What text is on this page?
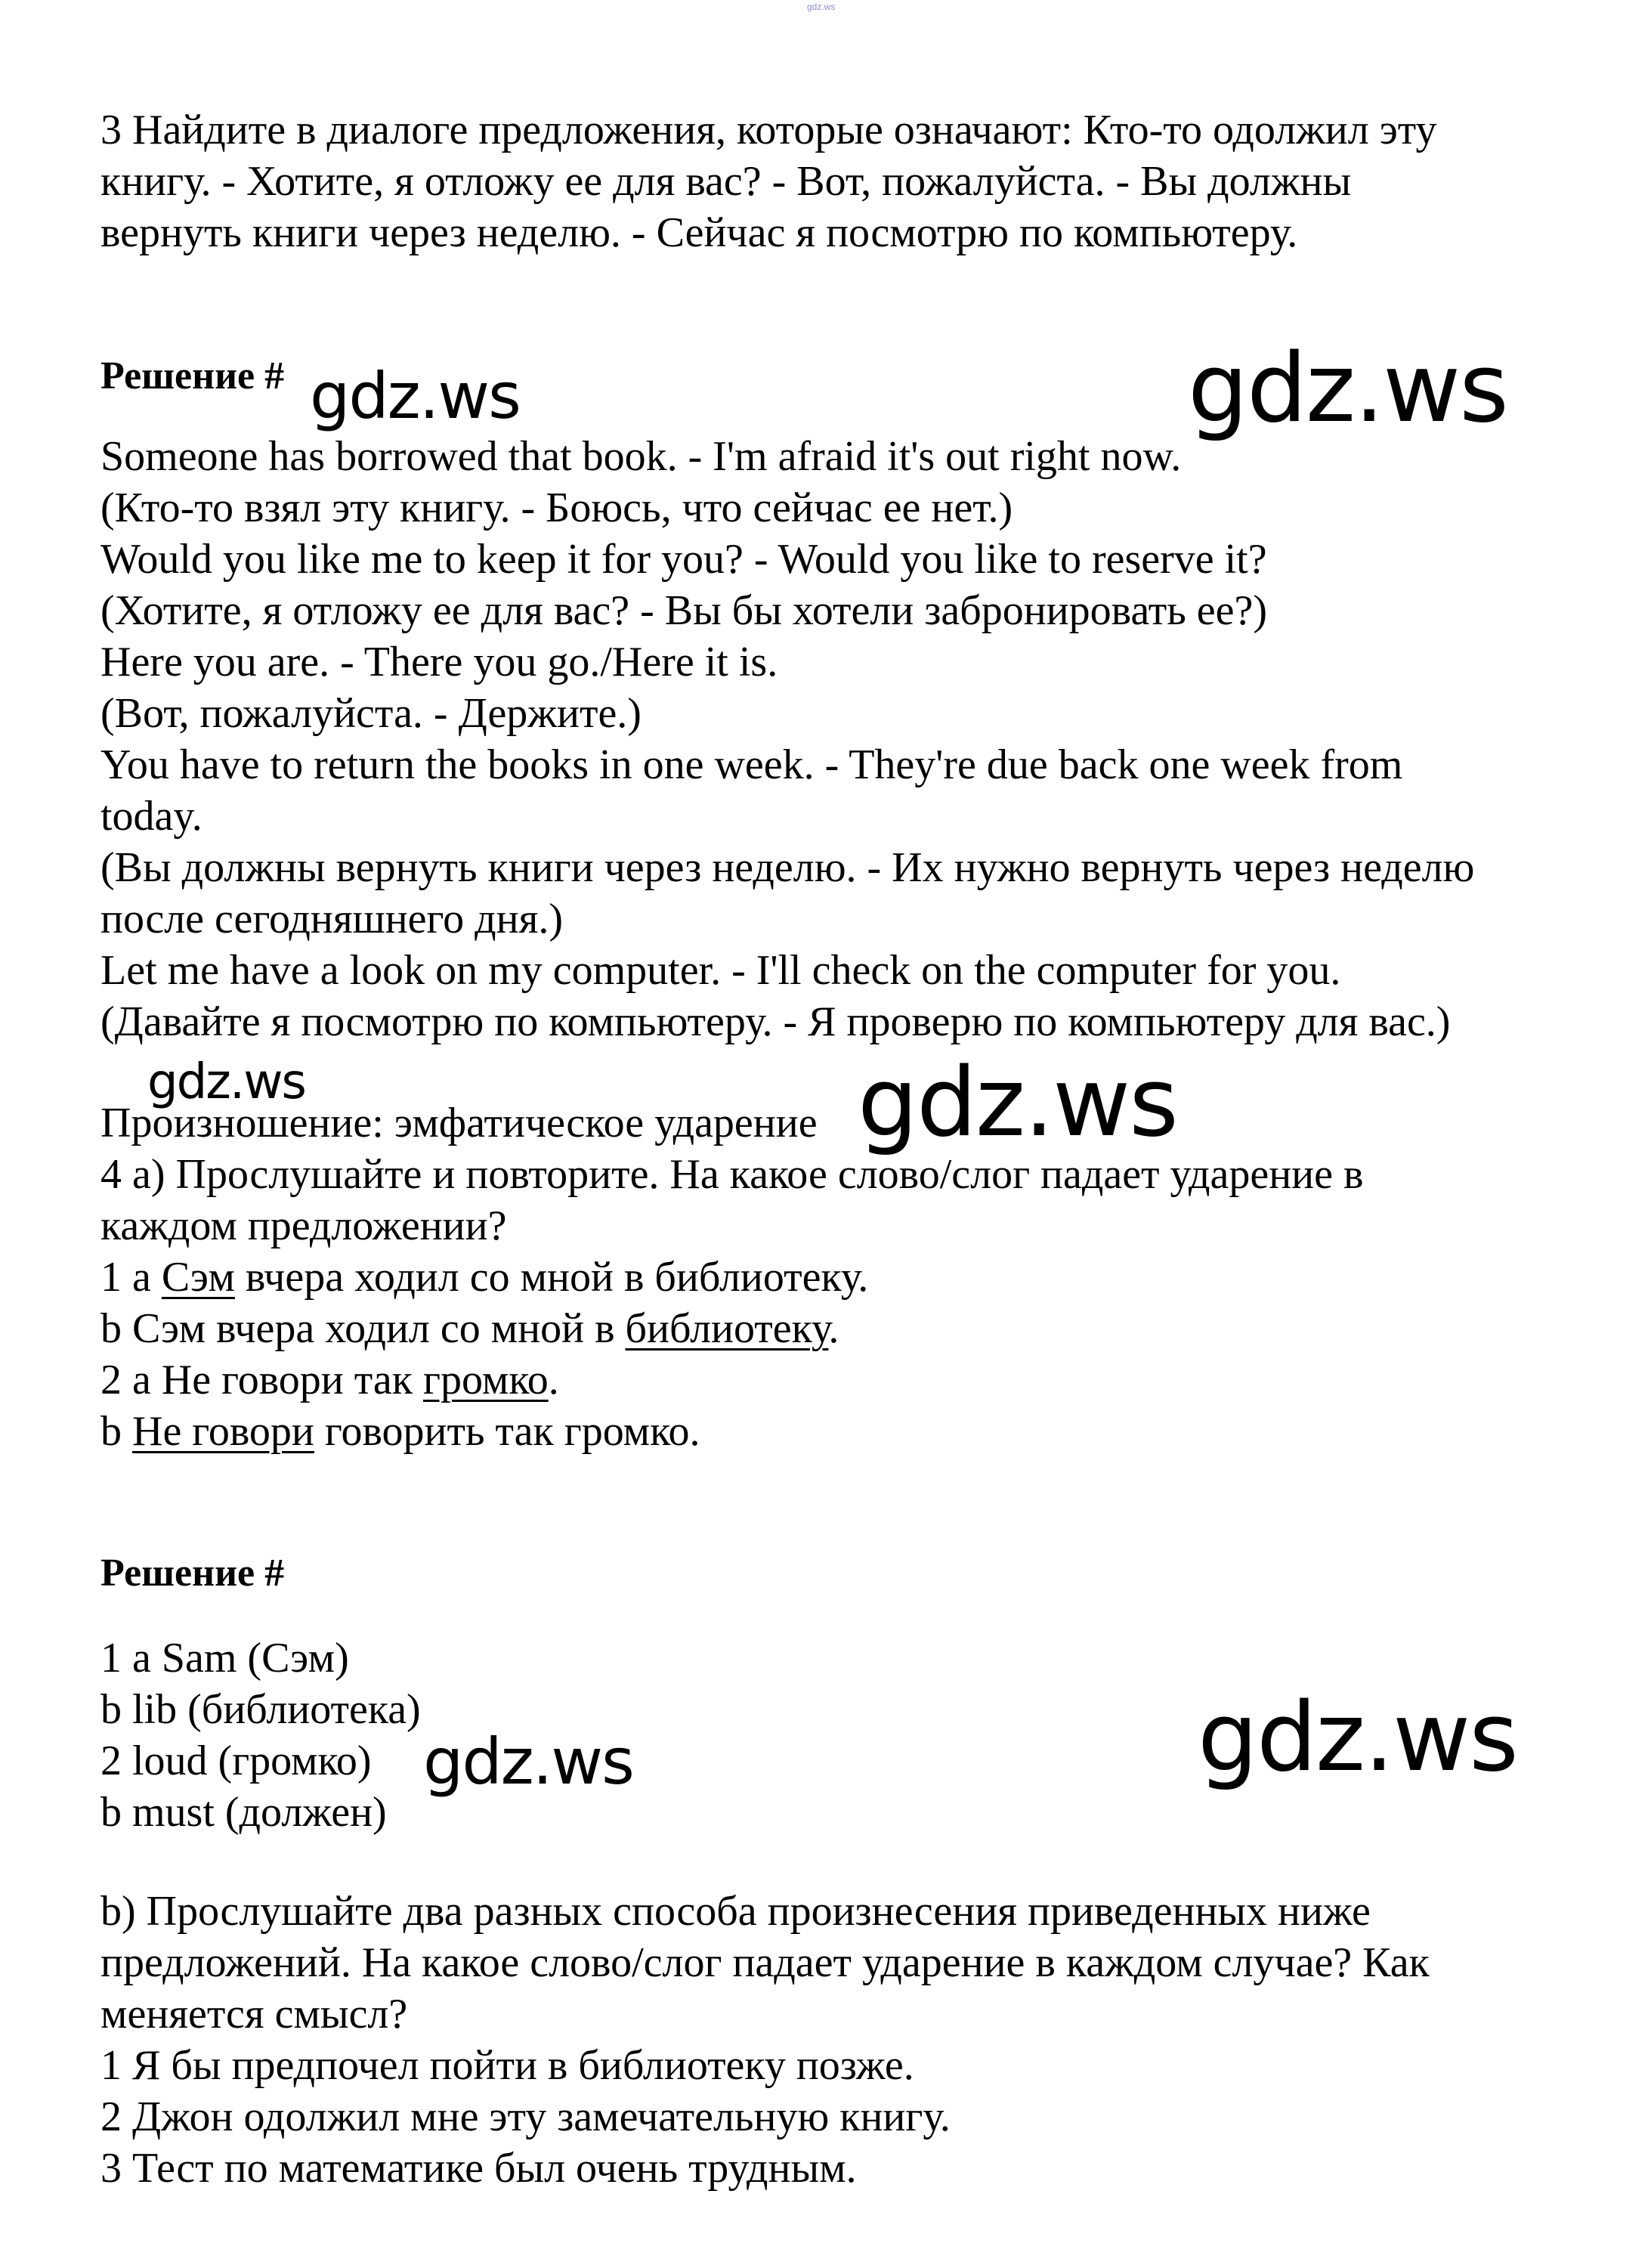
gdz.ws
3 Найдите в диалоге предложения, которые означают: Кто-то одолжил эту
книгу. - Хотите, я отложу ее для вас? - Вот, пожалуйста. - Вы должны
вернуть книги через неделю. - Сейчас я посмотрю по компьютеру.
Решение # gdz.ws	gdz.ws
Someone has borrowed that book. - I'm afraid it's out right now.
(Кто-то взял эту книгу. - Боюсь, что сейчас ее нет.)
Would you like me to keep it for you? - Would you like to reserve it?
(Хотите, я отложу ее для вас? - Вы бы хотели забронировать ее?)
Here you are. - There you go./Here it is.
(Вот, пожалуйста. - Держите.)
You have to return the books in one week. - They're due back one week from
today.
(Вы должны вернуть книги через неделю. - Их нужно вернуть через неделю
после сегодняшнего дня.)
Let me have a look on my computer. - I'll check on the computer for you.
(Давайте я посмотрю по компьютеру. - Я проверю по компьютеру для вас.)
gdz.ws	gdz.ws
Произношение: эмфатическое ударение
4 а) Прослушайте и повторите. На какое слово/слог падает ударение в
каждом предложении?
1 a Сэм вчера ходил со мной в библиотеку.
b Сэм вчера ходил со мной в библиотеку.
2 a Не говори так громко.
b Не говори говорить так громко.
Решение #
1 a Sam (Сэм)
b lib (библиотека)
2 loud (громко)
b must (должен)
gdz.ws	gdz.ws
b) Прослушайте два разных способа произнесения приведенных ниже
предложений. На какое слово/слог падает ударение в каждом случае? Как
меняется смысл?
1 Я бы предпочел пойти в библиотеку позже.
2 Джон одолжил мне эту замечательную книгу.
3 Тест по математике был очень трудным.
